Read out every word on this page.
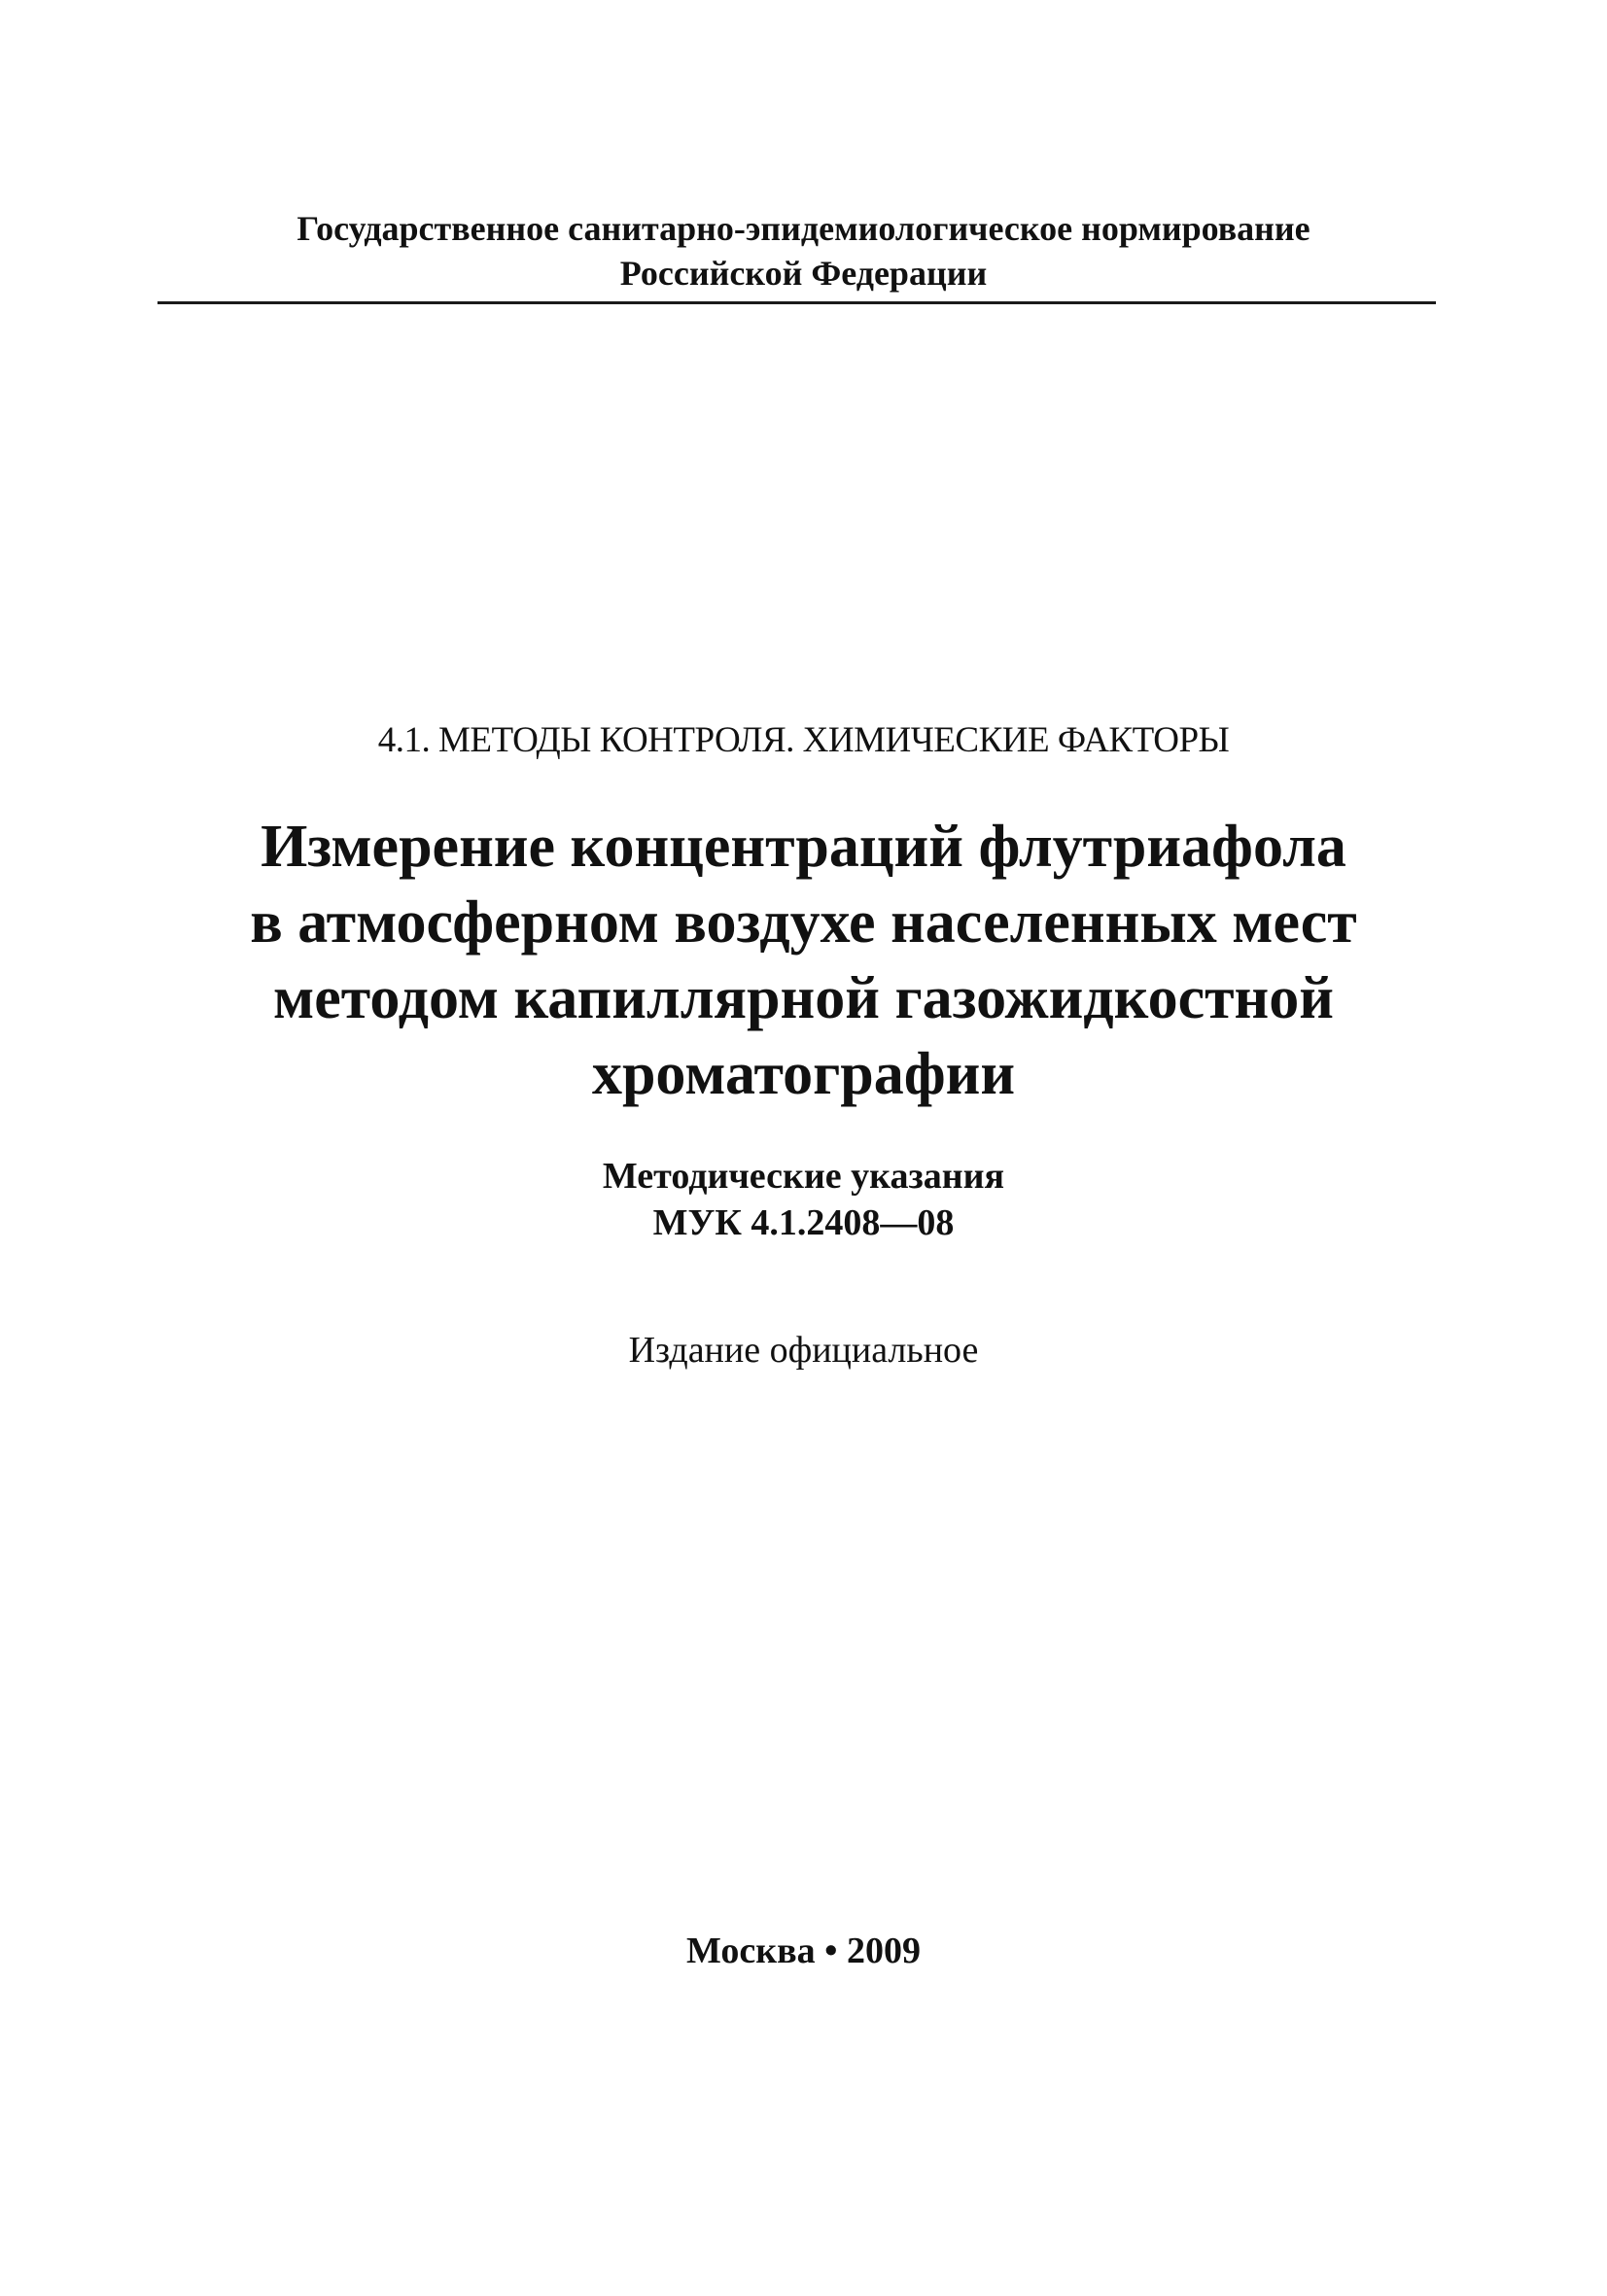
Государственное санитарно-эпидемиологическое нормирование
Российской Федерации
4.1. МЕТОДЫ КОНТРОЛЯ. ХИМИЧЕСКИЕ ФАКТОРЫ
Измерение концентраций флутриафола
в атмосферном воздухе населенных мест
методом капиллярной газожидкостной
хроматографии
Методические указания
МУК 4.1.2408—08
Издание официальное
Москва • 2009
